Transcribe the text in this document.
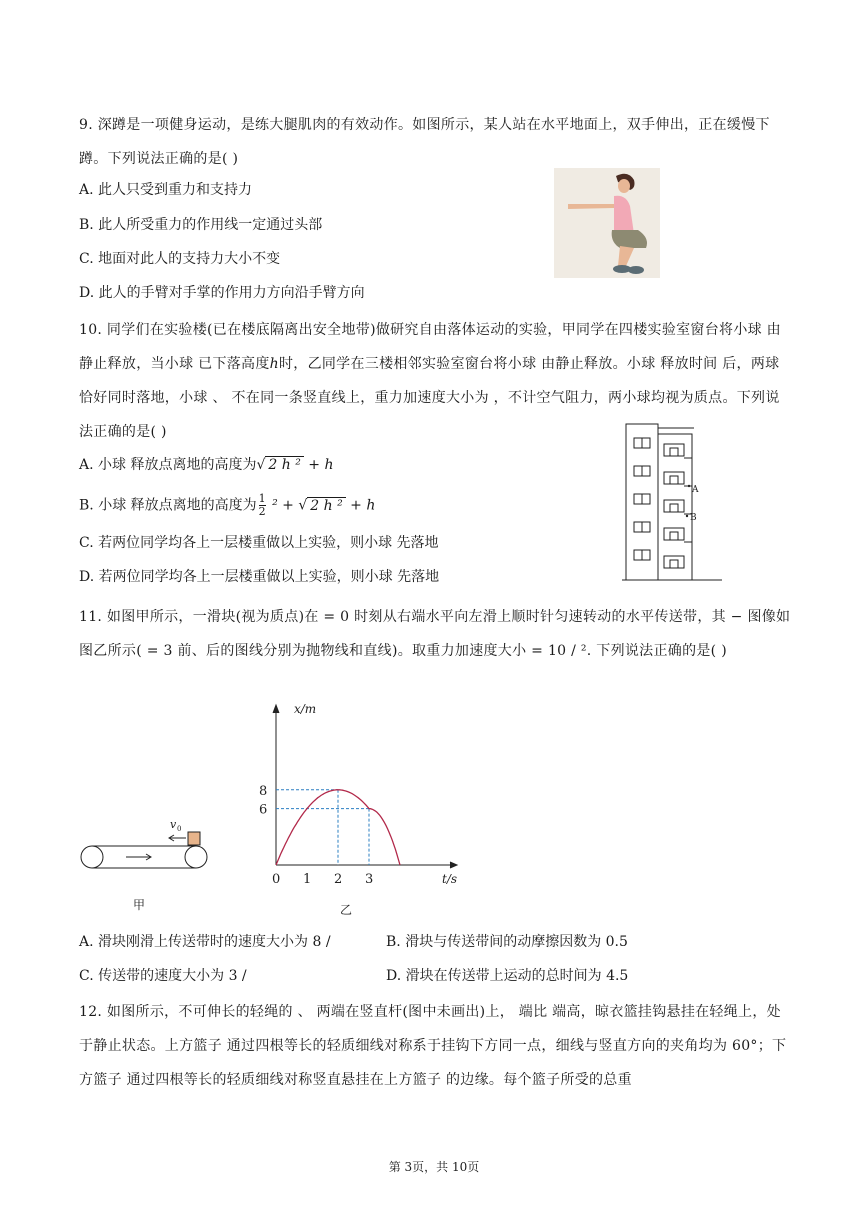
9. 深蹲是一项健身运动，是练大腿肌肉的有效动作。如图所示，某人站在水平地面上，双手伸出，正在缓慢下蹲。下列说法正确的是( )

A. 此人只受到重力和支持力
B. 此人所受重力的作用线一定通过头部
C. 地面对此人的支持力大小不变
D. 此人的手臂对手掌的作用力方向沿手臂方向

10. 同学们在实验楼(已在楼底隔离出安全地带)做研究自由落体运动的实验，甲同学在四楼实验室窗台将小球 由静止释放，当小球 已下落高度ℎ时，乙同学在三楼相邻实验室窗台将小球 由静止释放。小球 释放时间 后，两球恰好同时落地，小球 、 不在同一条竖直线上，重力加速度大小为 ，不计空气阻力，两小球均视为质点。下列说法正确的是( )

A. 小球 释放点离地的高度为√ 2 ℎ ² + ℎ
B. 小球 释放点离地的高度为 $\frac{1}{2} ^2$ + √ 2 ℎ ² + ℎ
C. 若两位同学均各上一层楼重做以上实验，则小球 先落地
D. 若两位同学均各上一层楼重做以上实验，则小球 先落地
A
B

11. 如图甲所示，一滑块(视为质点)在 = 0 时刻从右端水平向左滑上顺时针匀速转动的水平传送带，其 − 图像如图乙所示( = 3 前、后的图线分别为抛物线和直线)。取重力加速度大小 = 10 / ². 下列说法正确的是( )

v 0
甲
0 1 2 3
6
8
x/m
t/s
乙
A. 滑块刚滑上传送带时的速度大小为 8 /	B. 滑块与传送带间的动摩擦因数为 0.5
C. 传送带的速度大小为 3 /	D. 滑块在传送带上运动的总时间为 4.5

12. 如图所示，不可伸长的轻绳的 、 两端在竖直杆(图中未画出)上， 端比 端高，晾衣篮挂钩悬挂在轻绳上，处于静止状态。上方篮子 通过四根等长的轻质细线对称系于挂钩下方同一点，细线与竖直方向的夹角均为 60°；下方篮子 通过四根等长的轻质细线对称竖直悬挂在上方篮子 的边缘。每个篮子所受的总重

第 3页，共 10页
